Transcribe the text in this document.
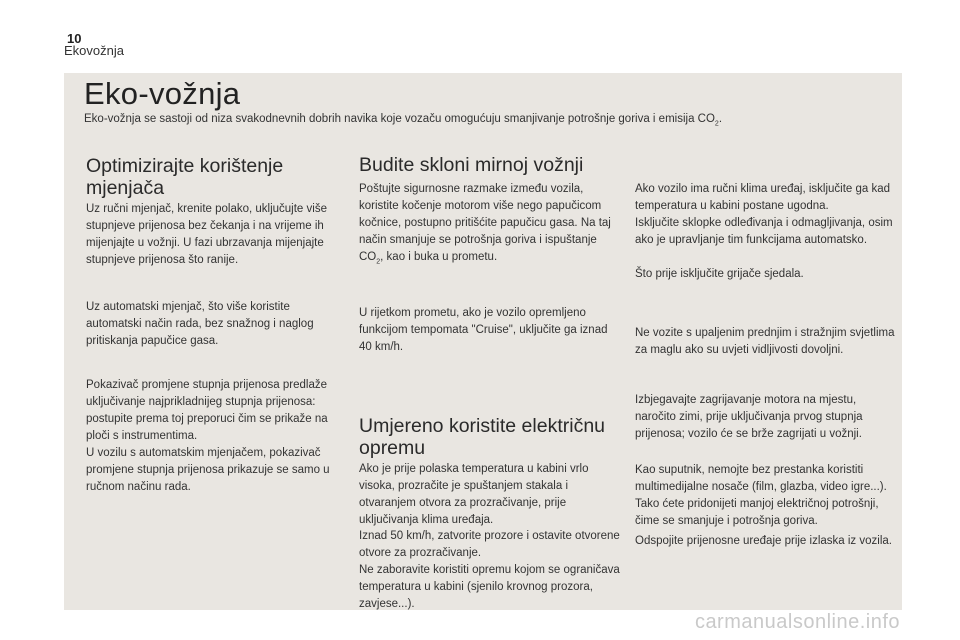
10
Ekovožnja
Eko-vožnja
Eko-vožnja se sastoji od niza svakodnevnih dobrih navika koje vozaču omogućuju smanjivanje potrošnje goriva i emisija $CO_2$.
Optimizirajte korištenje mjenjača
Uz ručni mjenjač, krenite polako, uključujte više stupnjeve prijenosa bez čekanja i na vrijeme ih mijenjajte u vožnji. U fazi ubrzavanja mijenjajte stupnjeve prijenosa što ranije.
Uz automatski mjenjač, što više koristite automatski način rada, bez snažnog i naglog pritiskanja papučice gasa.
Pokazivač promjene stupnja prijenosa predlaže uključivanje najprikladnijeg stupnja prijenosa: postupite prema toj preporuci čim se prikaže na ploči s instrumentima.
U vozilu s automatskim mjenjačem, pokazivač promjene stupnja prijenosa prikazuje se samo u ručnom načinu rada.
Budite skloni mirnoj vožnji
Poštujte sigurnosne razmake između vozila, koristite kočenje motorom više nego papučicom kočnice, postupno pritišćite papučicu gasa. Na taj način smanjuje se potrošnja goriva i ispuštanje $CO_2$, kao i buka u prometu.
U rijetkom prometu, ako je vozilo opremljeno funkcijom tempomata "Cruise", uključite ga iznad 40 km/h.
Umjereno koristite električnu opremu
Ako je prije polaska temperatura u kabini vrlo visoka, prozračite je spuštanjem stakala i otvaranjem otvora za prozračivanje, prije uključivanja klima uređaja.
Iznad 50 km/h, zatvorite prozore i ostavite otvorene otvore za prozračivanje.
Ne zaboravite koristiti opremu kojom se ograničava temperatura u kabini (sjenilo krovnog prozora, zavjese...).
Ako vozilo ima ručni klima uređaj, isključite ga kad temperatura u kabini postane ugodna.
Isključite sklopke odleđivanja i odmagljivanja, osim ako je upravljanje tim funkcijama automatsko.
Što prije isključite grijače sjedala.
Ne vozite s upaljenim prednjim i stražnjim svjetlima za maglu ako su uvjeti vidljivosti dovoljni.
Izbjegavajte zagrijavanje motora na mjestu, naročito zimi, prije uključivanja prvog stupnja prijenosa; vozilo će se brže zagrijati u vožnji.
Kao suputnik, nemojte bez prestanka koristiti multimedijalne nosače (film, glazba, video igre...). Tako ćete pridonijeti manjoj električnoj potrošnji, čime se smanjuje i potrošnja goriva.
Odspojite prijenosne uređaje prije izlaska iz vozila.
carmanualsonline.info
